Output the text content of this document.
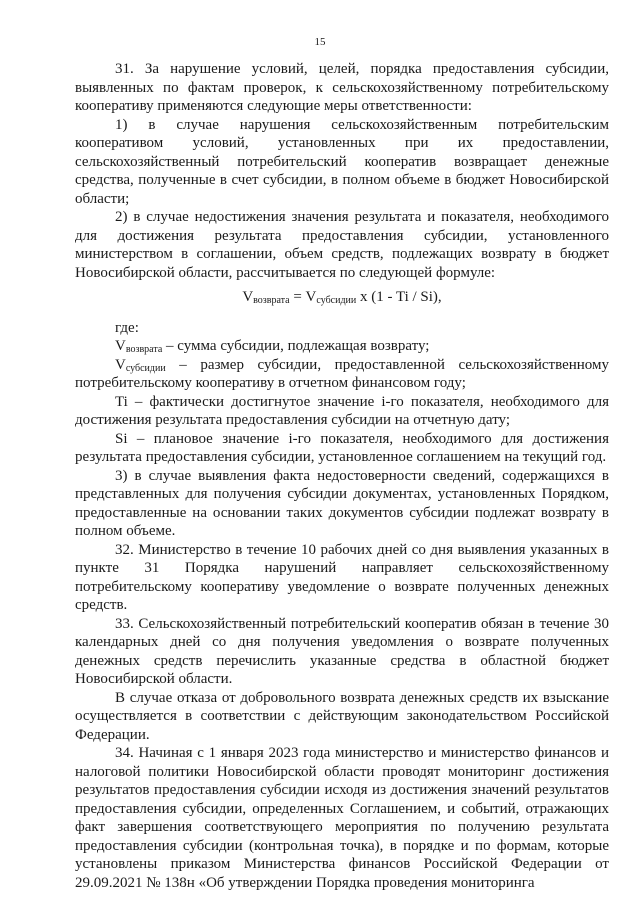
15

31. За нарушение условий, целей, порядка предоставления субсидии, выявленных по фактам проверок, к сельскохозяйственному потребительскому кооперативу применяются следующие меры ответственности:

1) в случае нарушения сельскохозяйственным потребительским кооперативом условий, установленных при их предоставлении, сельскохозяйственный потребительский кооператив возвращает денежные средства, полученные в счет субсидии, в полном объеме в бюджет Новосибирской области;

2) в случае недостижения значения результата и показателя, необходимого для достижения результата предоставления субсидии, установленного министерством в соглашении, объем средств, подлежащих возврату в бюджет Новосибирской области, рассчитывается по следующей формуле:

$V_{возврата} = V_{субсидии}$ x (1 - Ti / Si),

где:

$V_{возврата}$ – сумма субсидии, подлежащая возврату;

$V_{субсидии}$ – размер субсидии, предоставленной сельскохозяйственному потребительскому кооперативу в отчетном финансовом году;

Ti – фактически достигнутое значение i-го показателя, необходимого для достижения результата предоставления субсидии на отчетную дату;

Si – плановое значение i-го показателя, необходимого для достижения результата предоставления субсидии, установленное соглашением на текущий год.

3) в случае выявления факта недостоверности сведений, содержащихся в представленных для получения субсидии документах, установленных Порядком, предоставленные на основании таких документов субсидии подлежат возврату в полном объеме.

32. Министерство в течение 10 рабочих дней со дня выявления указанных в пункте 31 Порядка нарушений направляет сельскохозяйственному потребительскому кооперативу уведомление о возврате полученных денежных средств.

33. Сельскохозяйственный потребительский кооператив обязан в течение 30 календарных дней со дня получения уведомления о возврате полученных денежных средств перечислить указанные средства в областной бюджет Новосибирской области.

В случае отказа от добровольного возврата денежных средств их взыскание осуществляется в соответствии с действующим законодательством Российской Федерации.

34. Начиная с 1 января 2023 года министерство и министерство финансов и налоговой политики Новосибирской области проводят мониторинг достижения результатов предоставления субсидии исходя из достижения значений результатов предоставления субсидии, определенных Соглашением, и событий, отражающих факт завершения соответствующего мероприятия по получению результата предоставления субсидии (контрольная точка), в порядке и по формам, которые установлены приказом Министерства финансов Российской Федерации от 29.09.2021 № 138н «Об утверждении Порядка проведения мониторинга
